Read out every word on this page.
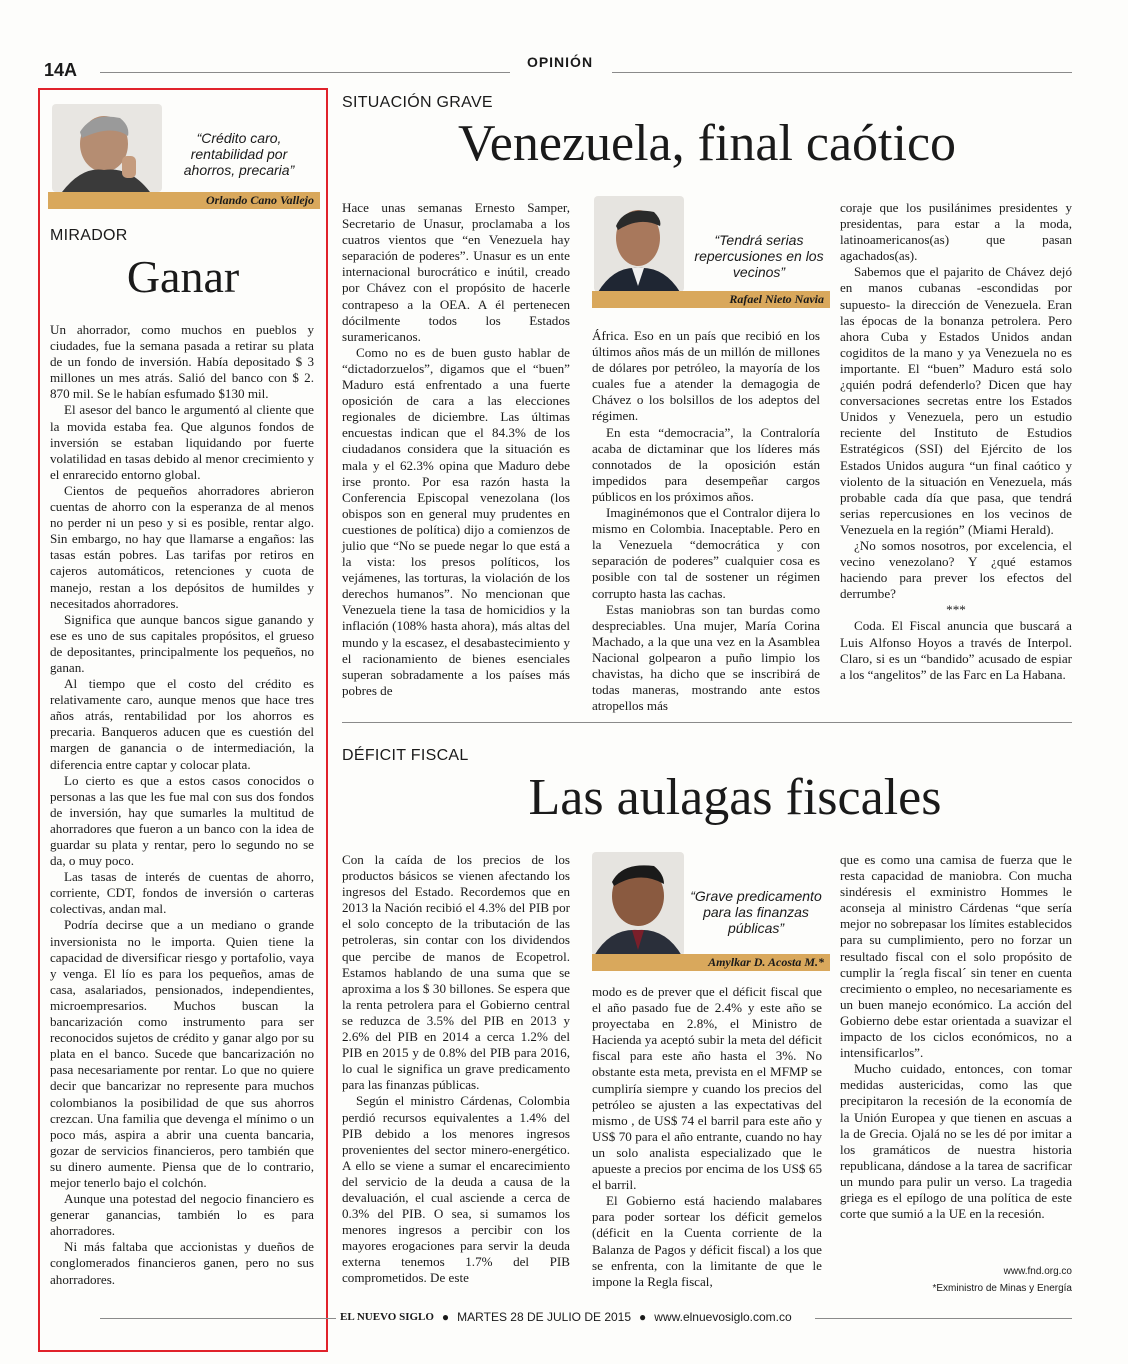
14A	OPINIÓN
“Crédito caro, rentabilidad por ahorros, precaria”
Orlando Cano Vallejo
MIRADOR
Ganar

Un ahorrador, como muchos en pueblos y ciudades, fue la semana pasada a retirar su plata de un fondo de inversión. Había depositado $ 3 millones un mes atrás. Salió del banco con $ 2. 870 mil. Se le habían esfumado $130 mil.

El asesor del banco le argumentó al cliente que la movida estaba fea. Que algunos fondos de inversión se estaban liquidando por fuerte volatilidad en tasas debido al menor crecimiento y el enrarecido entorno global.

Cientos de pequeños ahorradores abrieron cuentas de ahorro con la esperanza de al menos no perder ni un peso y si es posible, rentar algo. Sin embargo, no hay que llamarse a engaños: las tasas están pobres. Las tarifas por retiros en cajeros automáticos, retenciones y cuota de manejo, restan a los depósitos de humildes y necesitados ahorradores.

Significa que aunque bancos sigue ganando y ese es uno de sus capitales propósitos, el grueso de depositantes, principalmente los pequeños, no ganan.

Al tiempo que el costo del crédito es relativamente caro, aunque menos que hace tres años atrás, rentabilidad por los ahorros es precaria. Banqueros aducen que es cuestión del margen de ganancia o de intermediación, la diferencia entre captar y colocar plata.

Lo cierto es que a estos casos conocidos o personas a las que les fue mal con sus dos fondos de inversión, hay que sumarles la multitud de ahorradores que fueron a un banco con la idea de guardar su plata y rentar, pero lo segundo no se da, o muy poco.

Las tasas de interés de cuentas de ahorro, corriente, CDT, fondos de inversión o carteras colectivas, andan mal.

Podría decirse que a un mediano o grande inversionista no le importa. Quien tiene la capacidad de diversificar riesgo y portafolio, vaya y venga. El lío es para los pequeños, amas de casa, asalariados, pensionados, independientes, microempresarios. Muchos buscan la bancarización como instrumento para ser reconocidos sujetos de crédito y ganar algo por su plata en el banco. Sucede que bancarización no pasa necesariamente por rentar. Lo que no quiere decir que bancarizar no represente para muchos colombianos la posibilidad de que sus ahorros crezcan. Una familia que devenga el mínimo o un poco más, aspira a abrir una cuenta bancaria, gozar de servicios financieros, pero también que su dinero aumente. Piensa que de lo contrario, mejor tenerlo bajo el colchón.

Aunque una potestad del negocio financiero es generar ganancias, también lo es para ahorradores.

Ni más faltaba que accionistas y dueños de conglomerados financieros ganen, pero no sus ahorradores.

SITUACIÓN GRAVE
Venezuela, final caótico

Hace unas semanas Ernesto Samper, Secretario de Unasur, proclamaba a los cuatros vientos que “en Venezuela hay separación de poderes”. Unasur es un ente internacional burocrático e inútil, creado por Chávez con el propósito de hacerle contrapeso a la OEA. A él pertenecen dócilmente todos los Estados suramericanos.

Como no es de buen gusto hablar de “dictadorzuelos”, digamos que el “buen” Maduro está enfrentado a una fuerte oposición de cara a las elecciones regionales de diciembre. Las últimas encuestas indican que el 84.3% de los ciudadanos considera que la situación es mala y el 62.3% opina que Maduro debe irse pronto. Por esa razón hasta la Conferencia Episcopal venezolana (los obispos son en general muy prudentes en cuestiones de política) dijo a comienzos de julio que “No se puede negar lo que está a la vista: los presos políticos, los vejámenes, las torturas, la violación de los derechos humanos”. No mencionan que Venezuela tiene la tasa de homicidios y la inflación (108% hasta ahora), más altas del mundo y la escasez, el desabastecimiento y el racionamiento de bienes esenciales superan sobradamente a los países más pobres de

“Tendrá serias repercusiones en los vecinos”
Rafael Nieto Navia

África. Eso en un país que recibió en los últimos años más de un millón de millones de dólares por petróleo, la mayoría de los cuales fue a atender la demagogia de Chávez o los bolsillos de los adeptos del régimen.

En esta “democracia”, la Contraloría acaba de dictaminar que los líderes más connotados de la oposición están impedidos para desempeñar cargos públicos en los próximos años.

Imaginémonos que el Contralor dijera lo mismo en Colombia. Inaceptable. Pero en la Venezuela “democrática y con separación de poderes” cualquier cosa es posible con tal de sostener un régimen corrupto hasta las cachas.

Estas maniobras son tan burdas como despreciables. Una mujer, María Corina Machado, a la que una vez en la Asamblea Nacional golpearon a puño limpio los chavistas, ha dicho que se inscribirá de todas maneras, mostrando ante estos atropellos más

coraje que los pusilánimes presidentes y presidentas, para estar a la moda, latinoamericanos(as) que pasan agachados(as).

Sabemos que el pajarito de Chávez dejó en manos cubanas -escondidas por supuesto- la dirección de Venezuela. Eran las épocas de la bonanza petrolera. Pero ahora Cuba y Estados Unidos andan cogiditos de la mano y ya Venezuela no es importante. El “buen” Maduro está solo ¿quién podrá defenderlo? Dicen que hay conversaciones secretas entre los Estados Unidos y Venezuela, pero un estudio reciente del Instituto de Estudios Estratégicos (SSI) del Ejército de los Estados Unidos augura “un final caótico y violento de la situación en Venezuela, más probable cada día que pasa, que tendrá serias repercusiones en los vecinos de Venezuela en la región” (Miami Herald).

¿No somos nosotros, por excelencia, el vecino venezolano? Y ¿qué estamos haciendo para prever los efectos del derrumbe?

***

Coda. El Fiscal anuncia que buscará a Luis Alfonso Hoyos a través de Interpol. Claro, si es un “bandido” acusado de espiar a los “angelitos” de las Farc en La Habana.

DÉFICIT FISCAL
Las aulagas fiscales

Con la caída de los precios de los productos básicos se vienen afectando los ingresos del Estado. Recordemos que en 2013 la Nación recibió el 4.3% del PIB por el solo concepto de la tributación de las petroleras, sin contar con los dividendos que percibe de manos de Ecopetrol. Estamos hablando de una suma que se aproxima a los $ 30 billones. Se espera que la renta petrolera para el Gobierno central se reduzca de 3.5% del PIB en 2013 y 2.6% del PIB en 2014 a cerca 1.2% del PIB en 2015 y de 0.8% del PIB para 2016, lo cual le significa un grave predicamento para las finanzas públicas.

Según el ministro Cárdenas, Colombia perdió recursos equivalentes a 1.4% del PIB debido a los menores ingresos provenientes del sector minero-energético. A ello se viene a sumar el encarecimiento del servicio de la deuda a causa de la devaluación, el cual asciende a cerca de 0.3% del PIB. O sea, si sumamos los menores ingresos a percibir con los mayores erogaciones para servir la deuda externa tenemos 1.7% del PIB comprometidos. De este

“Grave predicamento para las finanzas públicas”
Amylkar D. Acosta M.*

modo es de prever que el déficit fiscal que el año pasado fue de 2.4% y este año se proyectaba en 2.8%, el Ministro de Hacienda ya aceptó subir la meta del déficit fiscal para este año hasta el 3%. No obstante esta meta, prevista en el MFMP se cumpliría siempre y cuando los precios del petróleo se ajusten a las expectativas del mismo , de US$ 74 el barril para este año y US$ 70 para el año entrante, cuando no hay un solo analista especializado que le apueste a precios por encima de los US$ 65 el barril.

El Gobierno está haciendo malabares para poder sortear los déficit gemelos (déficit en la Cuenta corriente de la Balanza de Pagos y déficit fiscal) a los que se enfrenta, con la limitante de que le impone la Regla fiscal,

que es como una camisa de fuerza que le resta capacidad de maniobra. Con mucha sindéresis el exministro Hommes le aconseja al ministro Cárdenas “que sería mejor no sobrepasar los límites establecidos para su cumplimiento, pero no forzar un resultado fiscal con el solo propósito de cumplir la ´regla fiscal´ sin tener en cuenta crecimiento o empleo, no necesariamente es un buen manejo económico. La acción del Gobierno debe estar orientada a suavizar el impacto de los ciclos económicos, no a intensificarlos”.

Mucho cuidado, entonces, con tomar medidas austericidas, como las que precipitaron la recesión de la economía de la Unión Europea y que tienen en ascuas a la de Grecia. Ojalá no se les dé por imitar a los gramáticos de nuestra historia republicana, dándose a la tarea de sacrificar un mundo para pulir un verso. La tragedia griega es el epílogo de una política de este corte que sumió a la UE en la recesión.

www.fnd.org.co
*Exministro de Minas y Energía
EL NUEVO SIGLO ● MARTES 28 DE JULIO DE 2015 ● www.elnuevosiglo.com.co
